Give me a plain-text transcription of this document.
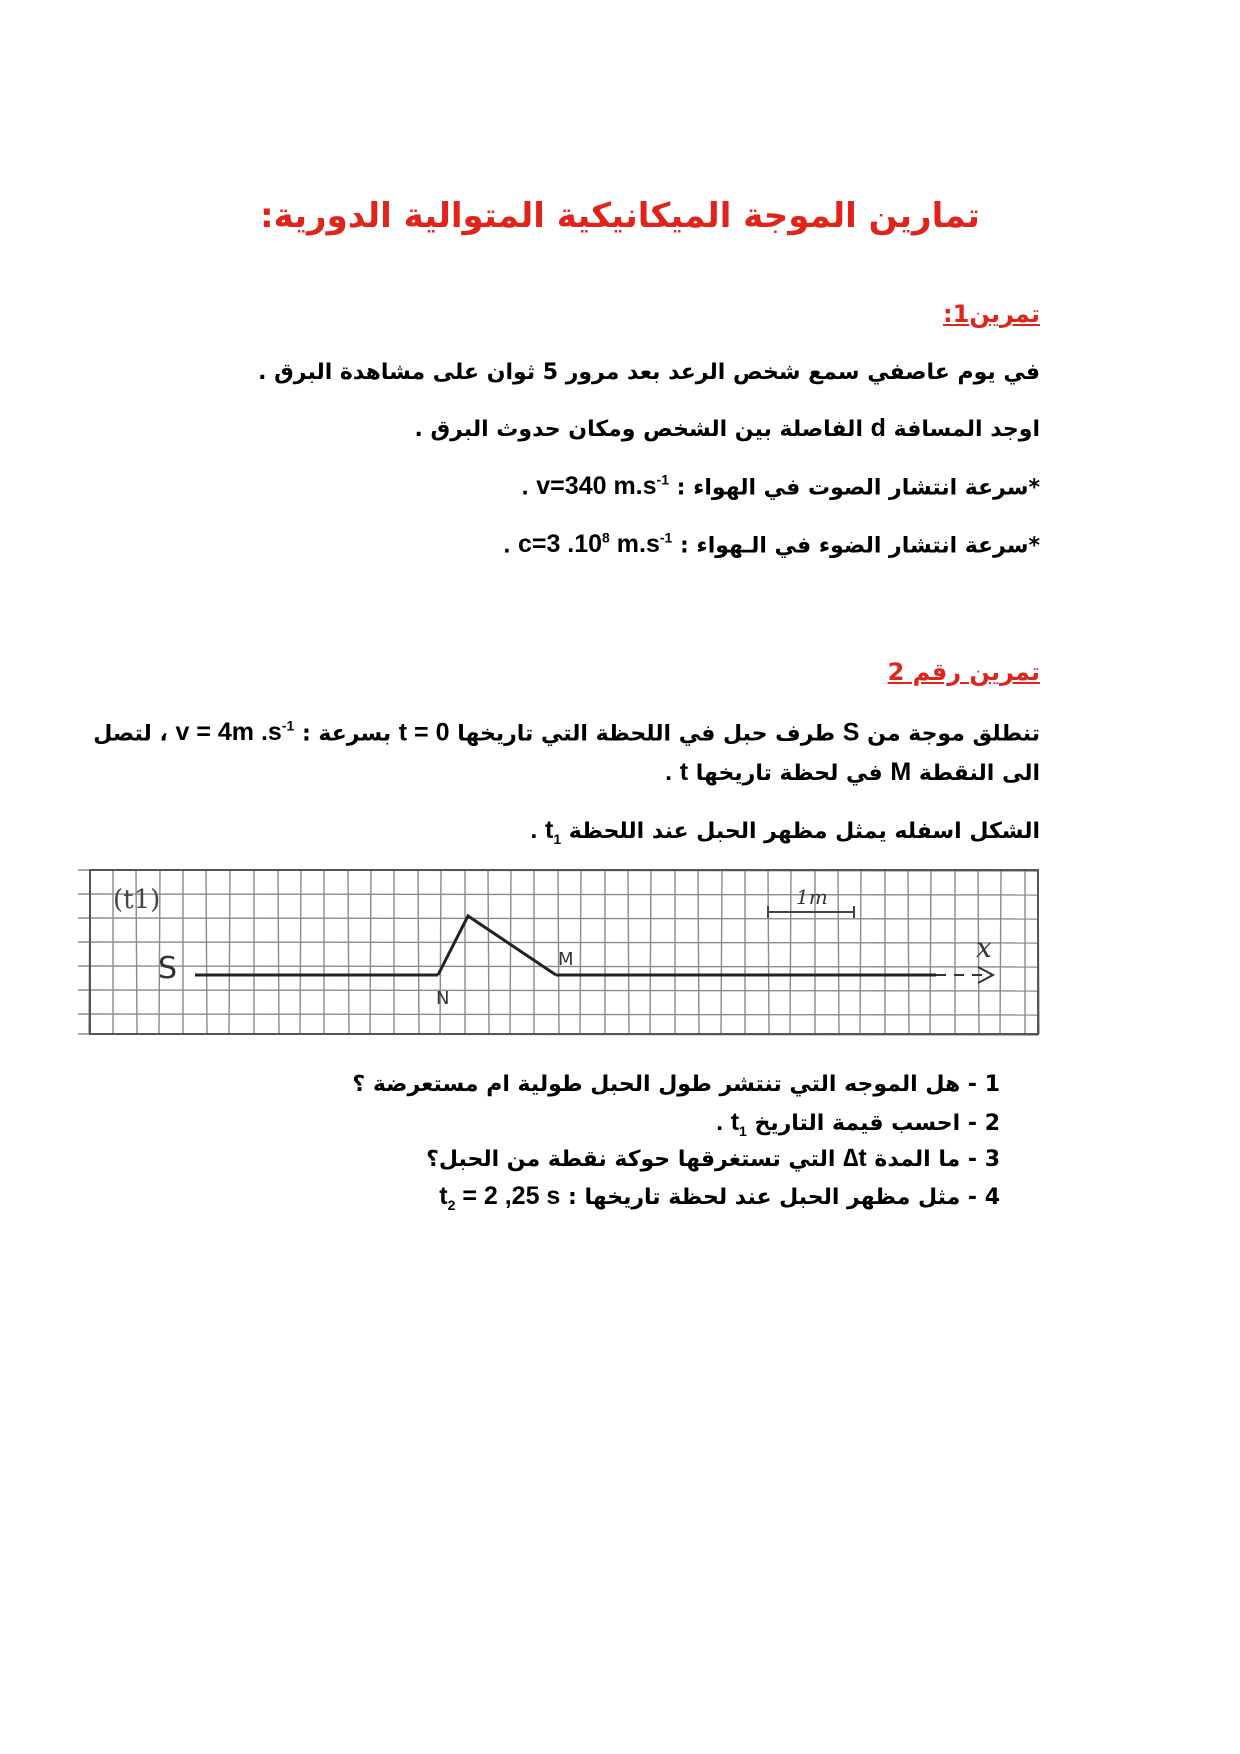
تمارين الموجة الميكانيكية المتوالية الدورية:
تمرين1:
في يوم عاصفي سمع شخص الرعد بعد مرور 5 ثوان على مشاهدة البرق .
اوجد المسافة d الفاصلة بين الشخص ومكان حدوث البرق .
*سرعة انتشار الصوت في الهواء : v=340 $m.s^{-1}$ .
*سرعة انتشار الضوء في الـهواء : c=3 $.10^8$ $m.s^{-1}$ .
تمرين رقم 2
تنطلق موجة من S طرف حبل في اللحظة التي تاريخها t = 0 بسرعة : v = 4m $.s^{-1}$ ، لتصل
الى النقطة M في لحظة تاريخها t .
الشكل اسفله يمثل مظهر الحبل عند اللحظة $t_1$ .
(t1)
S
x
N
M
1m
1 - هل الموجه التي تنتشر طول الحبل طولية ام مستعرضة ؟
2 - احسب قيمة التاريخ $t_1$ .
3 - ما المدة ∆t التي تستغرقها حوكة نقطة من الحبل؟
4 - مثل مظهر الحبل عند لحظة تاريخها : $t_2 = 2$ ,25 s
